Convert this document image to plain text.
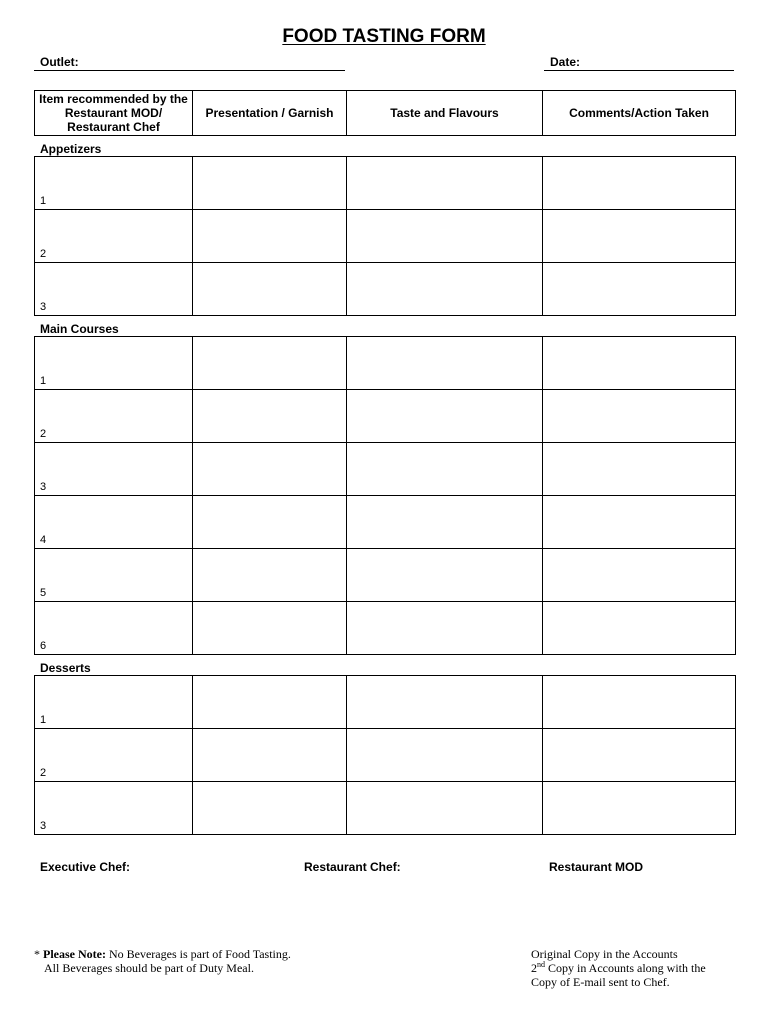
FOOD TASTING FORM
Outlet:	Date:
Item recommended by the Restaurant MOD/ Restaurant Chef	Presentation / Garnish	Taste and Flavours	Comments/Action Taken
Appetizers
1			
2			
3			
Main Courses
1			
2			
3			
4			
5			
6			
Desserts
1			
2			
3			
Executive Chef:	Restaurant Chef:	Restaurant MOD
* Please Note: No Beverages is part of Food Tasting.
All Beverages should be part of Duty Meal.
Original Copy in the Accounts
2nd Copy in Accounts along with the
Copy of E-mail sent to Chef.
